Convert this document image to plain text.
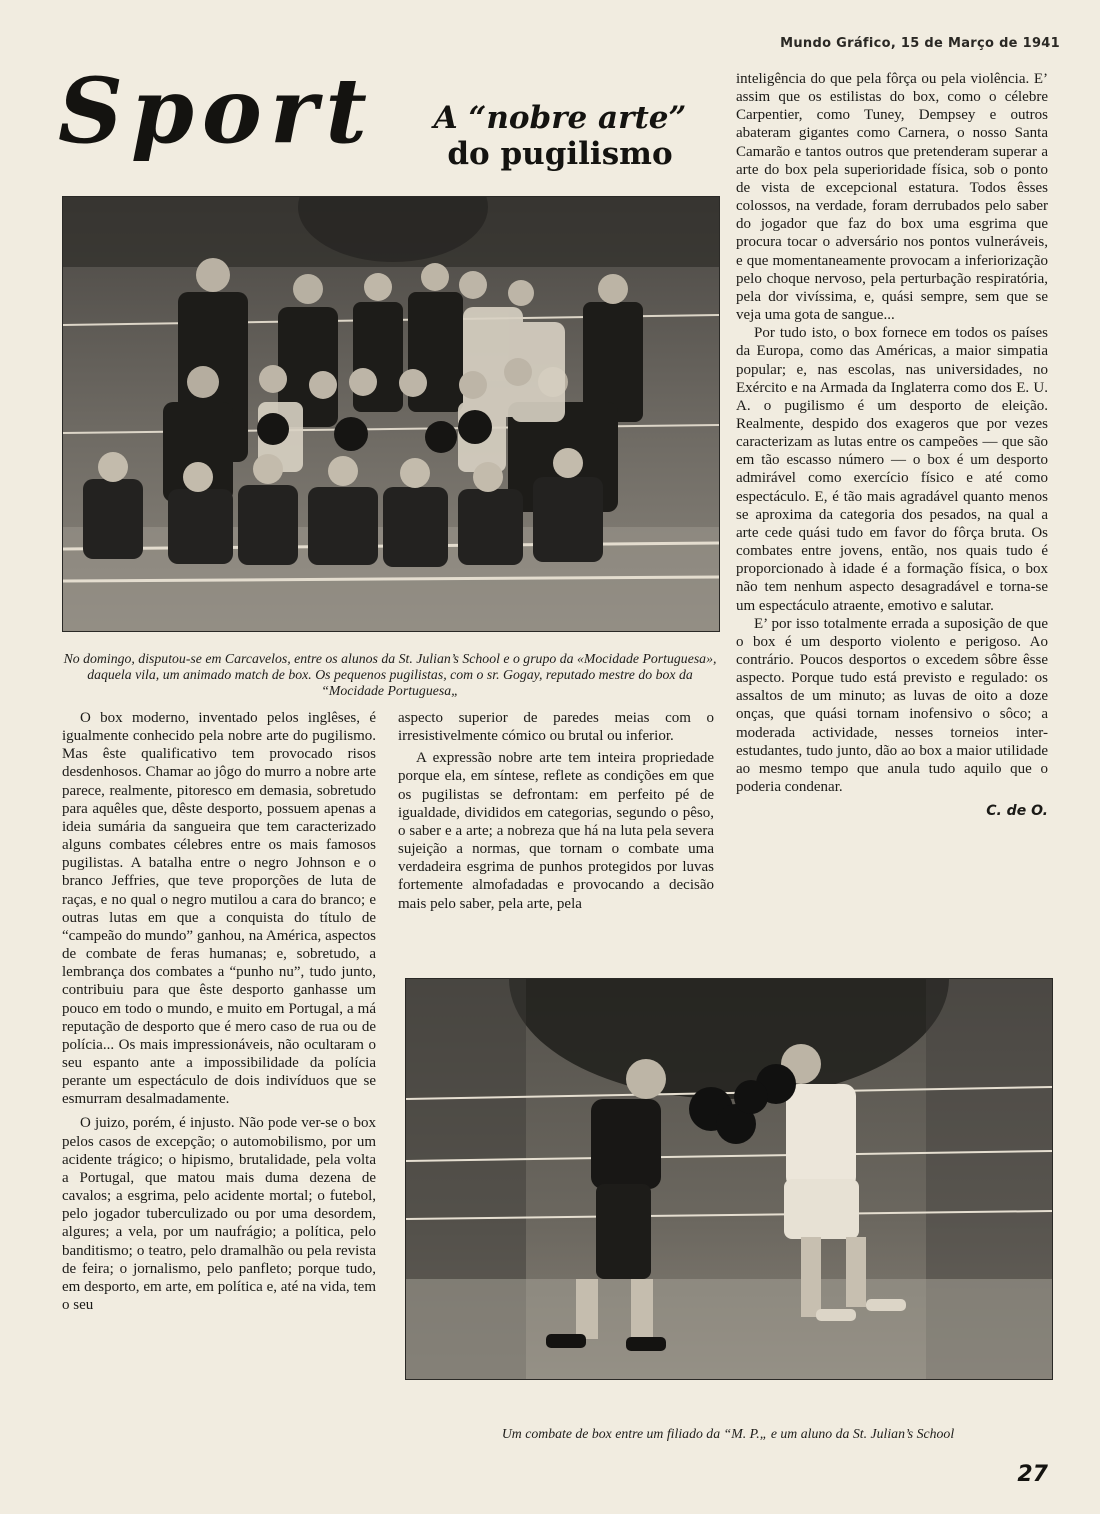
Mundo Gráfico, 15 de Março de 1941
Sport	A “nobre arte”
do pugilismo
No domingo, disputou-se em Carcavelos, entre os alunos da St. Julian’s School e o grupo da «Mocidade Portuguesa», daquela vila, um animado match de box. Os pequenos pugilistas, com o sr. Gogay, reputado mestre do box da “Mocidade Portuguesa„

O box moderno, inventado pelos inglêses, é igualmente conhecido pela nobre arte do pugilismo. Mas êste qualificativo tem provocado risos desdenhosos. Chamar ao jôgo do murro a nobre arte parece, realmente, pitoresco em demasia, sobretudo para aquêles que, dêste desporto, possuem apenas a ideia sumária da sangueira que tem caracterizado alguns combates célebres entre os mais famosos pugilistas. A batalha entre o negro Johnson e o branco Jeffries, que teve proporções de luta de raças, e no qual o negro mutilou a cara do branco; e outras lutas em que a conquista do título de “campeão do mundo” ganhou, na América, aspectos de combate de feras humanas; e, sobretudo, a lembrança dos combates a “punho nu”, tudo junto, contribuiu para que êste desporto ganhasse um pouco em todo o mundo, e muito em Portugal, a má reputação de desporto que é mero caso de rua ou de polícia... Os mais impressionáveis, não ocultaram o seu espanto ante a impossibilidade da polícia perante um espectáculo de dois indivíduos que se esmurram desalmadamente.

O juizo, porém, é injusto. Não pode ver-se o box pelos casos de excepção; o automobilismo, por um acidente trágico; o hipismo, brutalidade, pela volta a Portugal, que matou mais duma dezena de cavalos; a esgrima, pelo acidente mortal; o futebol, pelo jogador tuberculizado ou por uma desordem, algures; a vela, por um naufrágio; a política, pelo banditismo; o teatro, pelo dramalhão ou pela revista de feira; o jornalismo, pelo panfleto; porque tudo, em desporto, em arte, em política e, até na vida, tem o seu

aspecto superior de paredes meias com o irresistivelmente cómico ou brutal ou inferior.

A expressão nobre arte tem inteira propriedade porque ela, em síntese, reflete as condições em que os pugilistas se defrontam: em perfeito pé de igualdade, divididos em categorias, segundo o pêso, o saber e a arte; a nobreza que há na luta pela severa sujeição a normas, que tornam o combate uma verdadeira esgrima de punhos protegidos por luvas fortemente almofadadas e provocando a decisão mais pelo saber, pela arte, pela

inteligência do que pela fôrça ou pela violência. E’ assim que os estilistas do box, como o célebre Carpentier, como Tuney, Dempsey e outros abateram gigantes como Carnera, o nosso Santa Camarão e tantos outros que pretenderam superar a arte do box pela superioridade física, sob o ponto de vista de excepcional estatura. Todos êsses colossos, na verdade, foram derrubados pelo saber do jogador que faz do box uma esgrima que procura tocar o adversário nos pontos vulneráveis, e que momentaneamente provocam a inferiorização pelo choque nervoso, pela perturbação respiratória, pela dor vivíssima, e, quási sempre, sem que se veja uma gota de sangue...

Por tudo isto, o box fornece em todos os países da Europa, como das Américas, a maior simpatia popular; e, nas escolas, nas universidades, no Exército e na Armada da Inglaterra como dos E. U. A. o pugilismo é um desporto de eleição. Realmente, despido dos exageros que por vezes caracterizam as lutas entre os campeões — que são em tão escasso número — o box é um desporto admirável como exercício físico e até como espectáculo. E, é tão mais agradável quanto menos se aproxima da categoria dos pesados, na qual a arte cede quási tudo em favor do fôrça bruta. Os combates entre jovens, então, nos quais tudo é proporcionado à idade é a formação física, o box não tem nenhum aspecto desagradável e torna-se um espectáculo atraente, emotivo e salutar.

E’ por isso totalmente errada a suposição de que o box é um desporto violento e perigoso. Ao contrário. Poucos desportos o excedem sôbre êsse aspecto. Porque tudo está previsto e regulado: os assaltos de um minuto; as luvas de oito a doze onças, que quási tornam inofensivo o sôco; a moderada actividade, nesses torneios inter-estudantes, tudo junto, dão ao box a maior utilidade ao mesmo tempo que anula tudo aquilo que o poderia condenar.

C. de O.

Um combate de box entre um filiado da “M. P.„ e um aluno da St. Julian’s School
27
